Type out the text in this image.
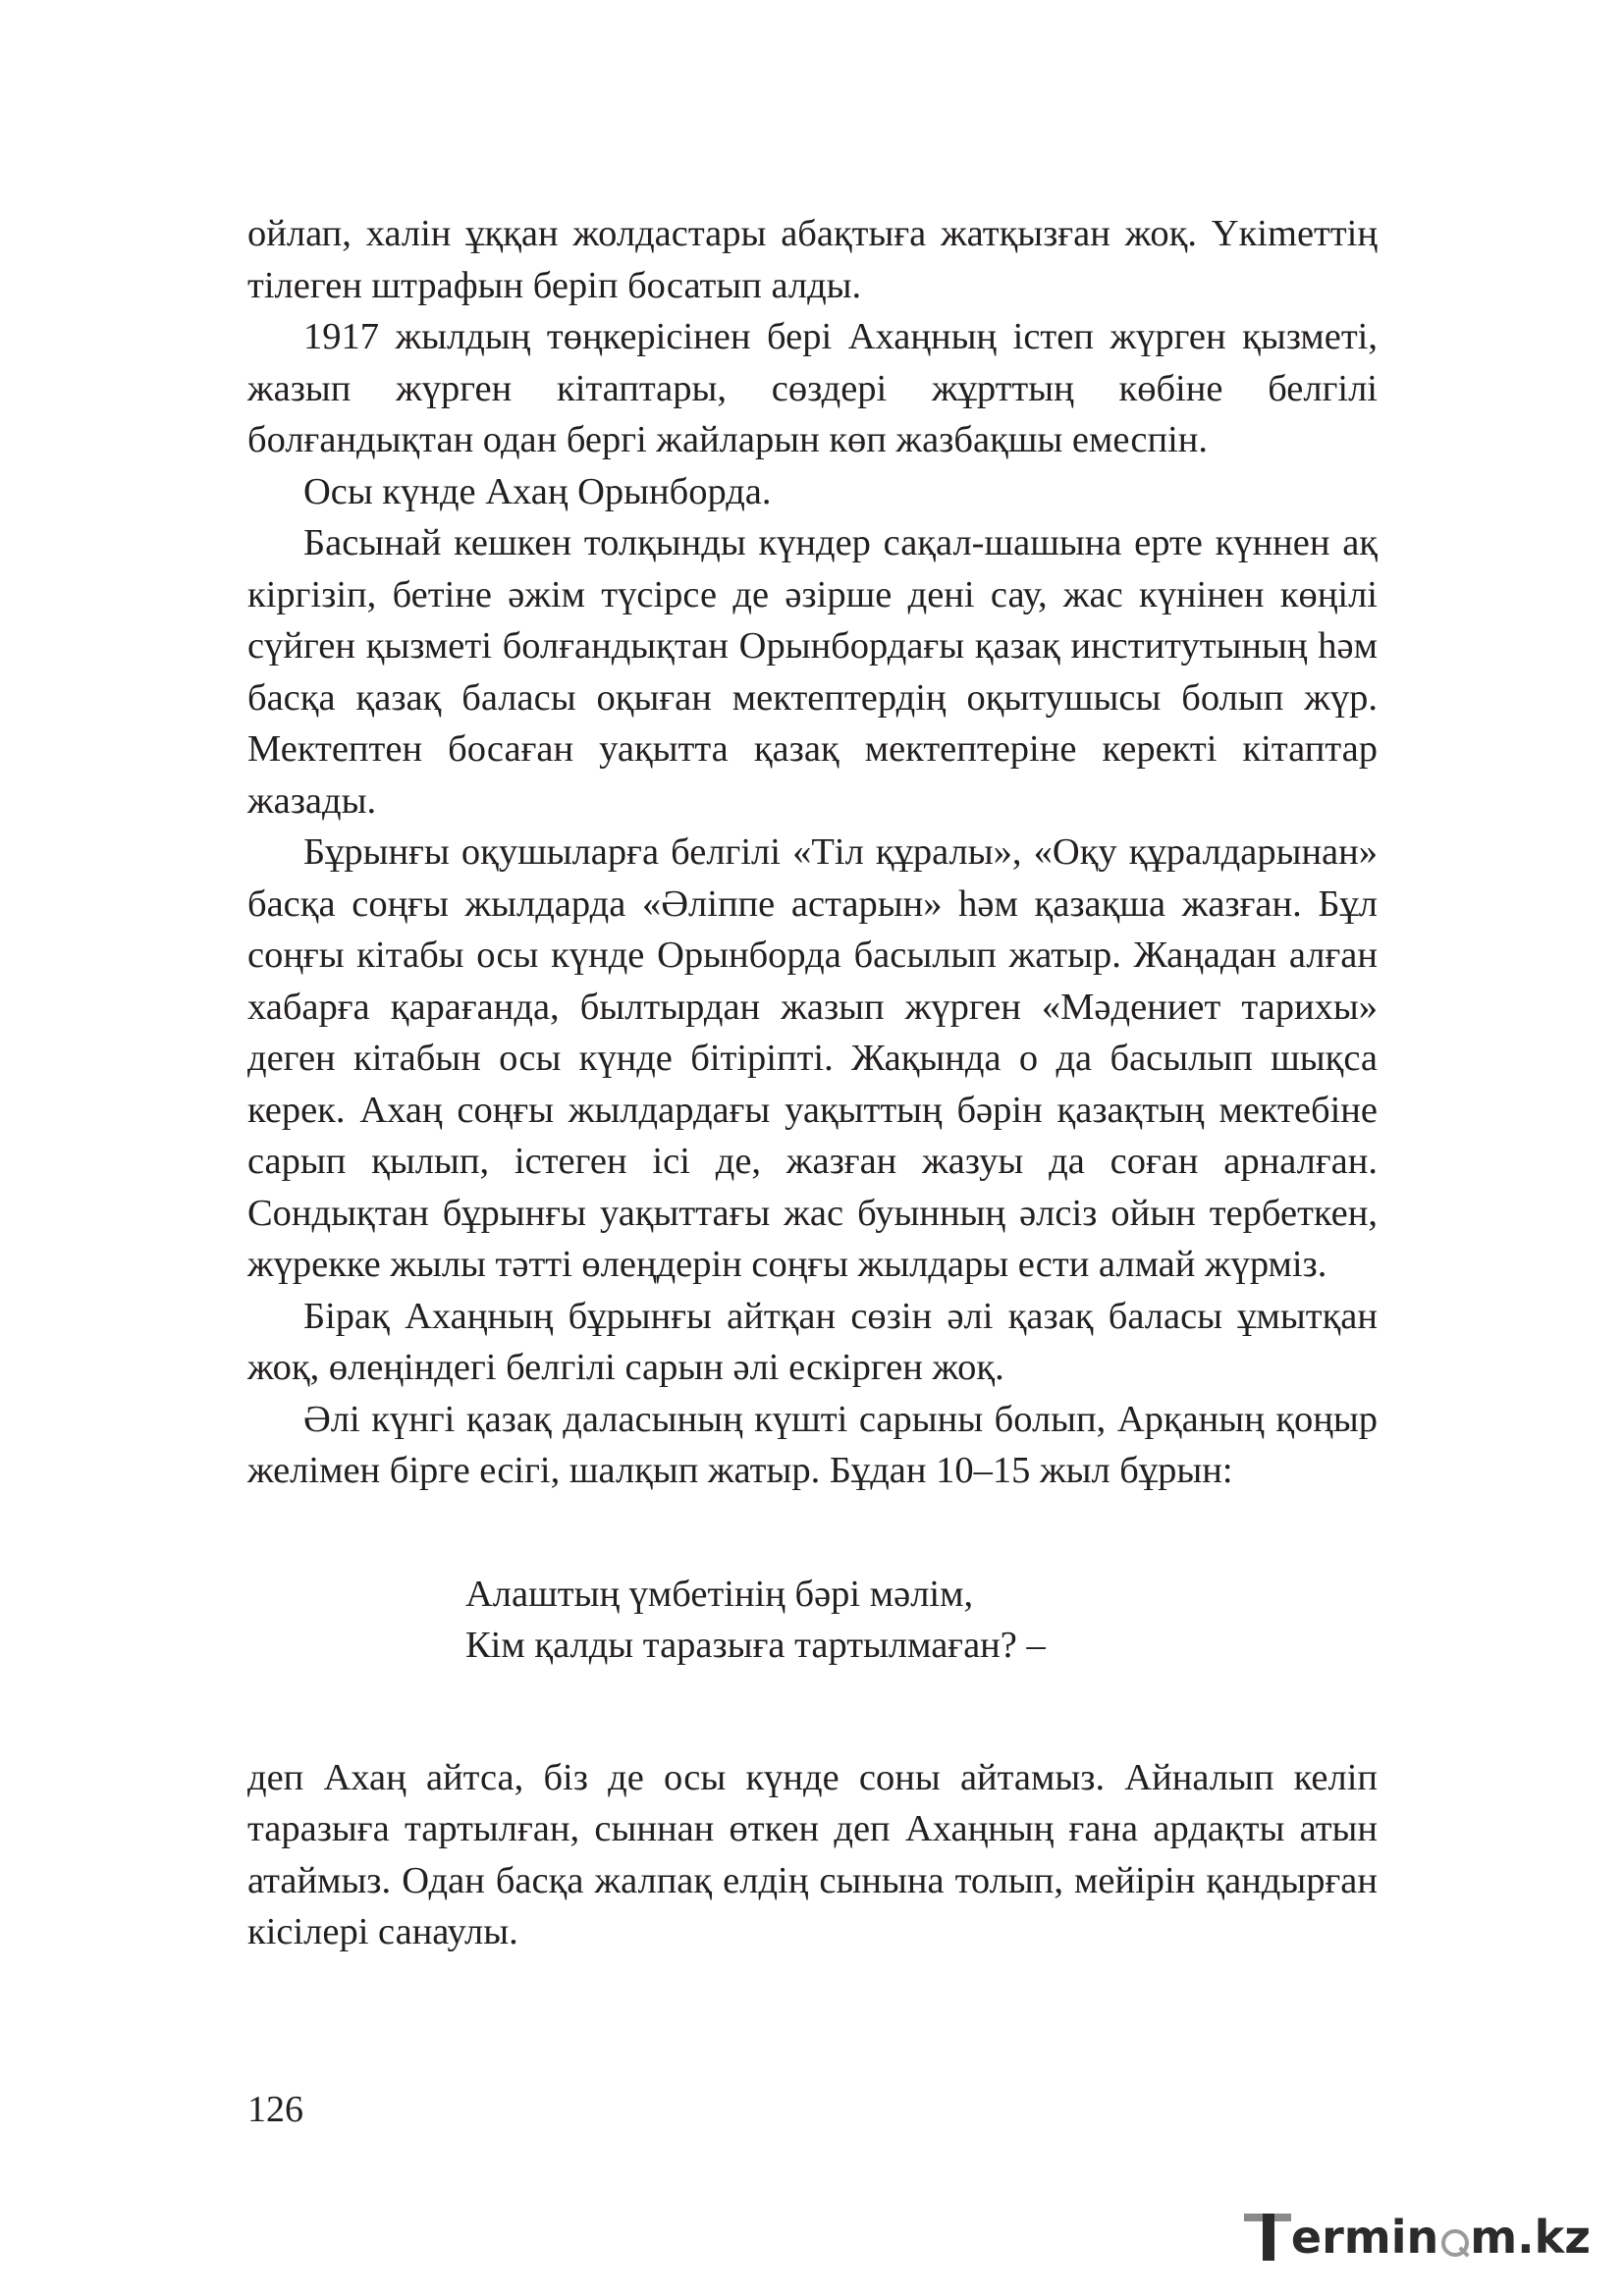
ойлап, халін ұққан жолдастары абақтыға жатқызған жоқ. Үкіmеттің тілеген штрафын беріп босатып алды.

1917 жылдың төңкерісінен бері Ахаңның істеп жүрген қызметі, жазып жүрген кітаптары, сөздері жұрттың көбіне белгілі болғандықтан одан бергі жайларын көп жазбақшы емеспін.

Осы күнде Ахаң Орынборда.

Басынай кешкен толқынды күндер сақал-шашына ерте күннен ақ кіргізіп, бетіне әжім түсірсе де әзірше дені сау, жас күнінен көңілі сүйген қызметі болғандықтан Орынбордағы қазақ институтының һәм басқа қазақ баласы оқыған мектептердің оқытушысы болып жүр. Мектептен босаған уақытта қазақ мектептеріне керекті кітаптар жазады.

Бұрынғы оқушыларға белгілі «Тіл құралы», «Оқу құралдарынан» басқа соңғы жылдарда «Әліппе астарын» һәм қазақша жазған. Бұл соңғы кітабы осы күнде Орынборда басылып жатыр. Жаңадан алған хабарға қарағанда, былтырдан жазып жүрген «Мәдениет тарихы» деген кітабын осы күнде бітіріпті. Жақында о да басылып шықса керек. Ахаң соңғы жылдардағы уақыттың бәрін қазақтың мектебіне сарып қылып, істеген ісі де, жазған жазуы да соған арналған. Сондықтан бұрынғы уақыттағы жас буынның әлсіз ойын тербеткен, жүрекке жылы тәтті өлеңдерін соңғы жылдары ести алмай жүрміз.

Бірақ Ахаңның бұрынғы айтқан сөзін әлі қазақ баласы ұмытқан жоқ, өлеңіндегі белгілі сарын әлі ескірген жоқ.

Әлі күнгі қазақ даласының күшті сарыны болып, Арқаның қоңыр желімен бірге есігі, шалқып жатыр. Бұдан 10–15 жыл бұрын:

Алаштың үмбетінің бәрі мәлім,
Кім қалды таразыға тартылмаған? –

деп Ахаң айтса, біз де осы күнде соны айтамыз. Айналып келіп таразыға тартылған, сыннан өткен деп Ахаңның ғана ардақты атын атаймыз. Одан басқа жалпақ елдің сынына толып, мейірін қандырған кісілері санаулы.

126
ermin m.kz
